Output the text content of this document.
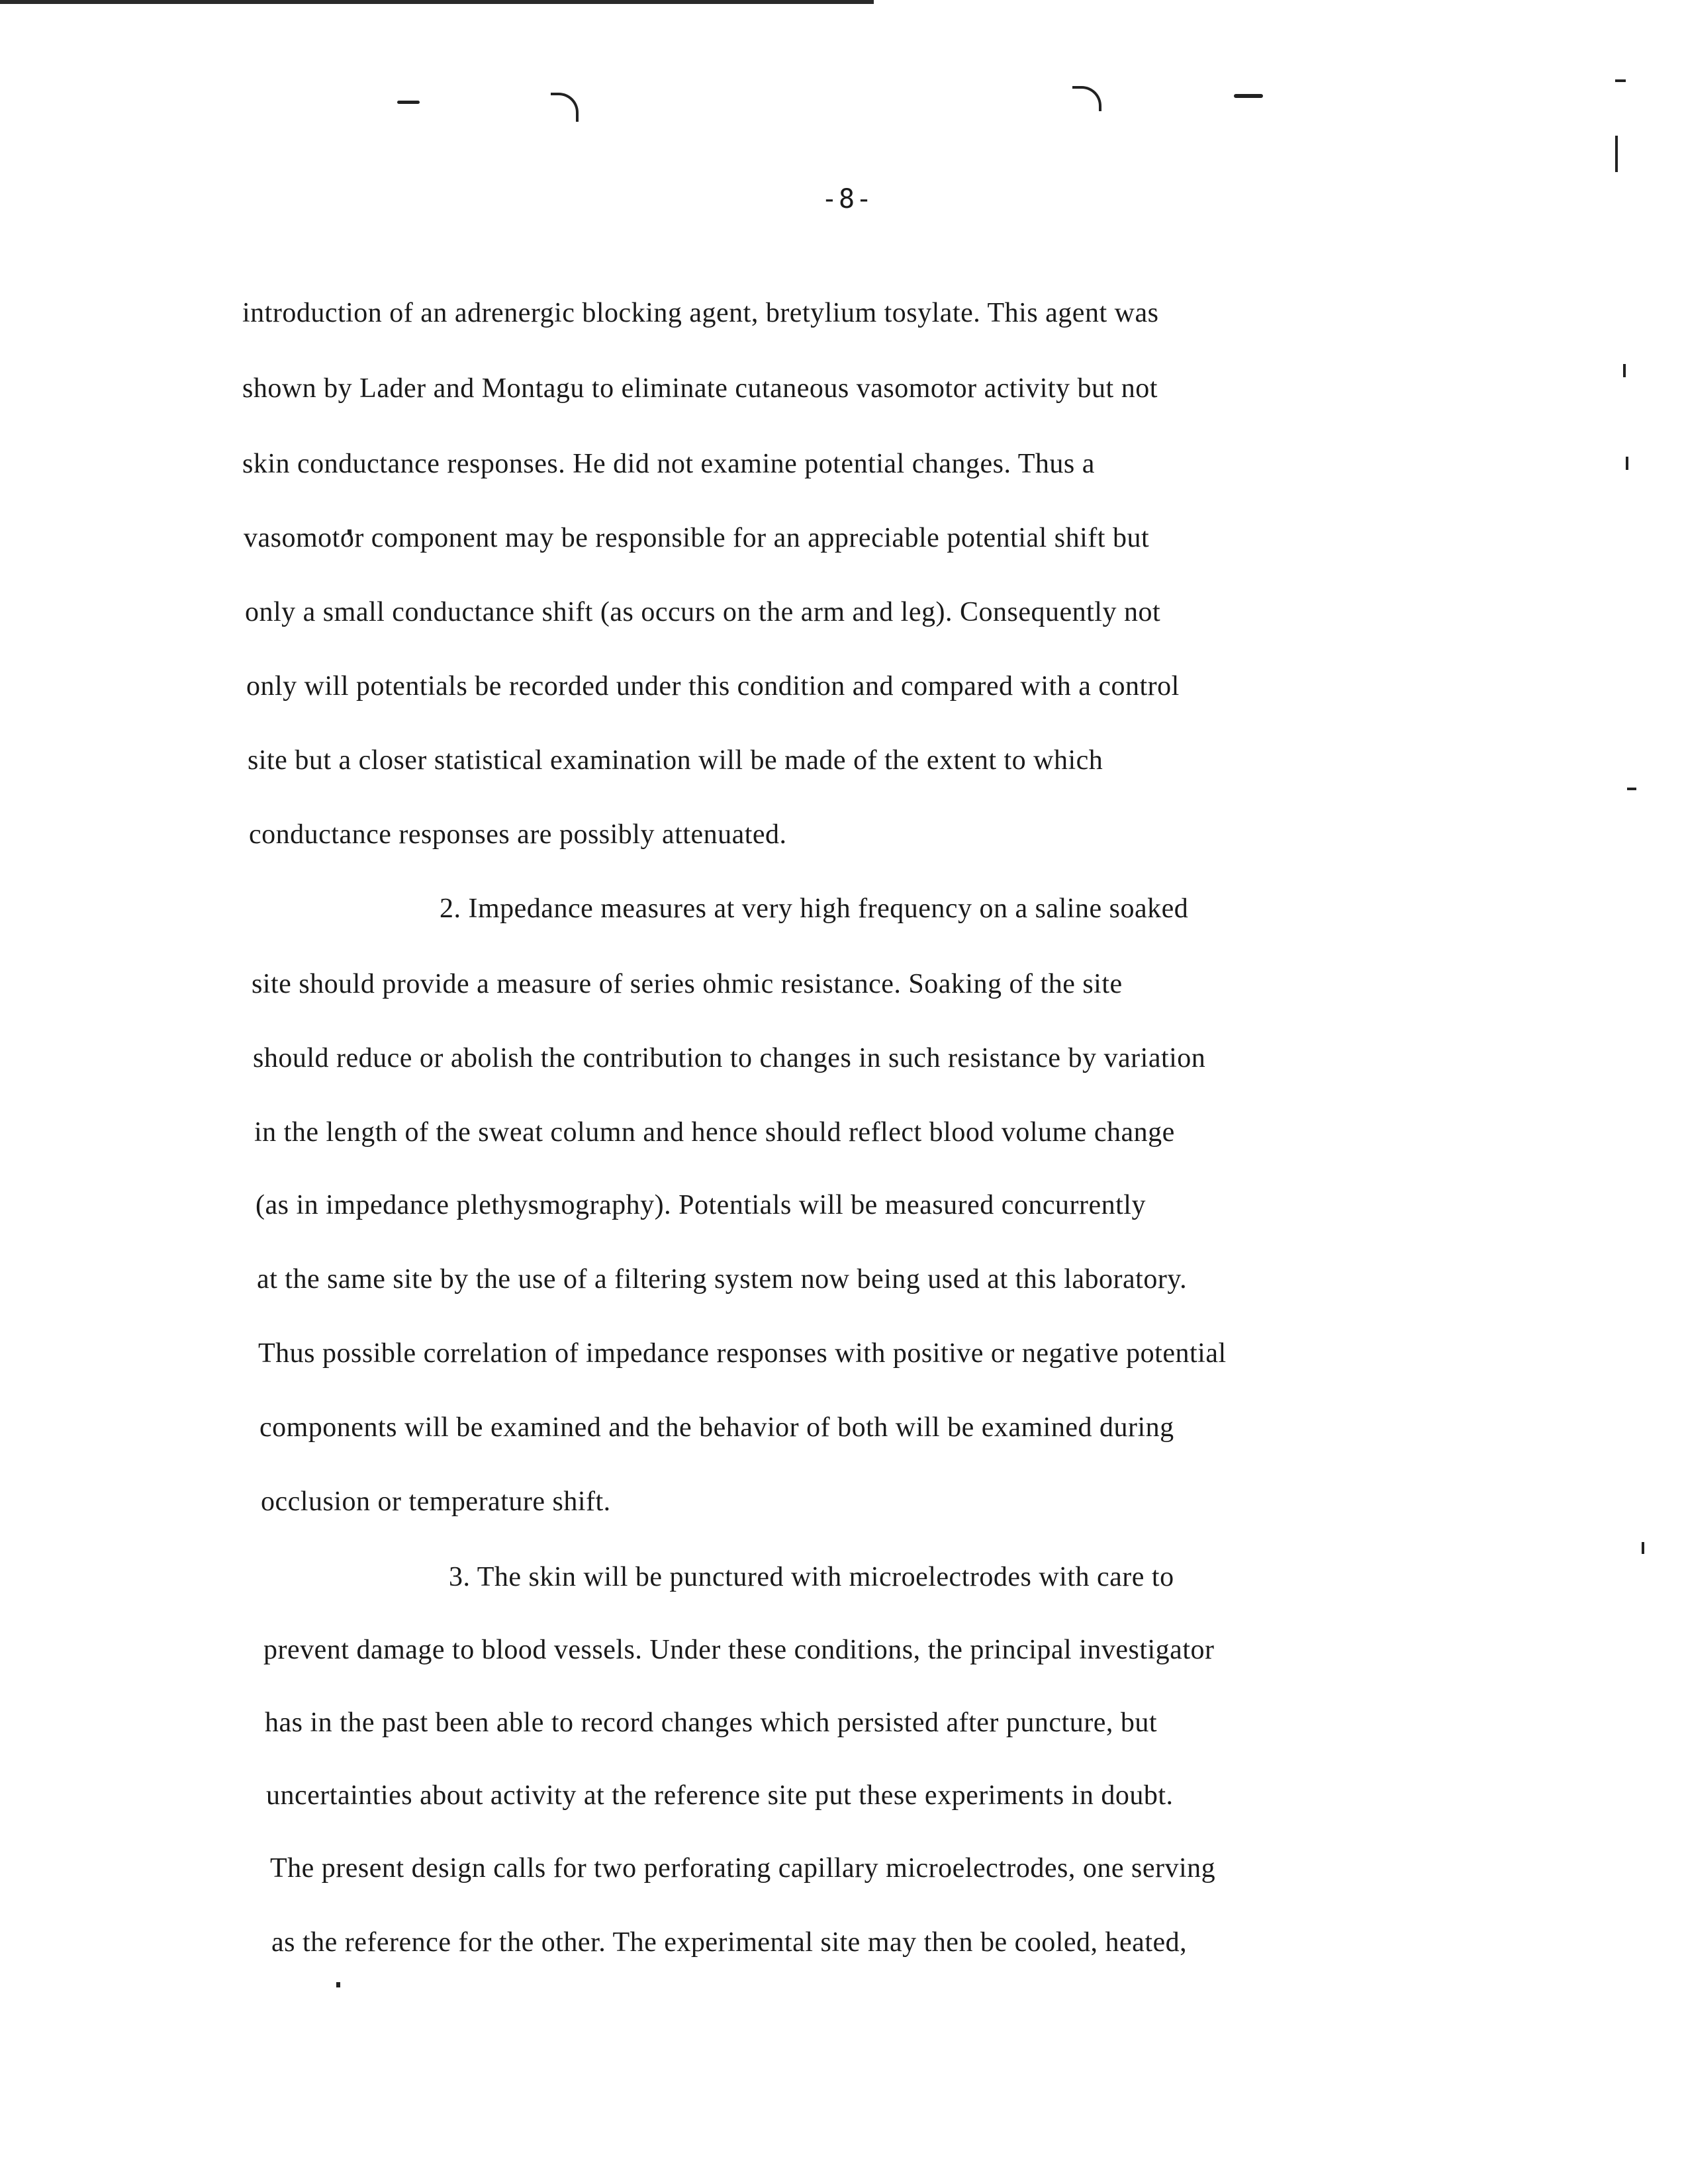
-8-
introduction of an adrenergic blocking agent, bretylium tosylate. This agent was
shown by Lader and Montagu to eliminate cutaneous vasomotor activity but not
skin conductance responses. He did not examine potential changes. Thus a
vasomotor component may be responsible for an appreciable potential shift but
only a small conductance shift (as occurs on the arm and leg). Consequently not
only will potentials be recorded under this condition and compared with a control
site but a closer statistical examination will be made of the extent to which
conductance responses are possibly attenuated.
2. Impedance measures at very high frequency on a saline soaked
site should provide a measure of series ohmic resistance. Soaking of the site
should reduce or abolish the contribution to changes in such resistance by variation
in the length of the sweat column and hence should reflect blood volume change
(as in impedance plethysmography). Potentials will be measured concurrently
at the same site by the use of a filtering system now being used at this laboratory.
Thus possible correlation of impedance responses with positive or negative potential
components will be examined and the behavior of both will be examined during
occlusion or temperature shift.
3. The skin will be punctured with microelectrodes with care to
prevent damage to blood vessels. Under these conditions, the principal investigator
has in the past been able to record changes which persisted after puncture, but
uncertainties about activity at the reference site put these experiments in doubt.
The present design calls for two perforating capillary microelectrodes, one serving
as the reference for the other. The experimental site may then be cooled, heated,
